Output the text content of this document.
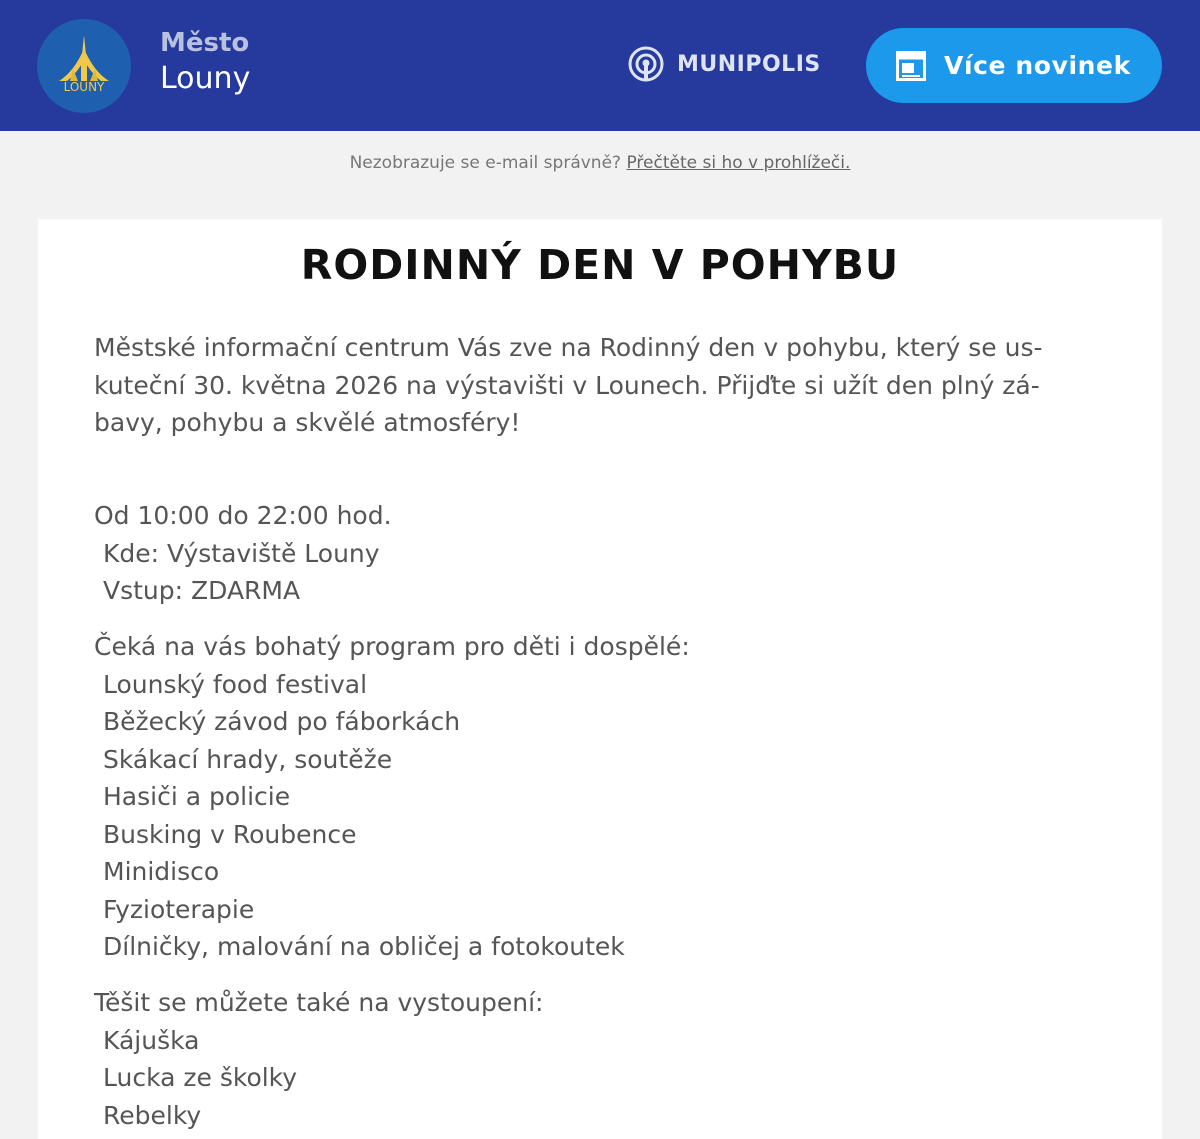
LOUNY
Město
Louny	MUNIPOLIS	Více novinek
Nezobrazuje se e-mail správně? Přečtěte si ho v prohlížeči.
RODINNÝ DEN V POHYBU
Městské informační centrum Vás zve na Rodinný den v pohybu, který se us-
kuteční 30. května 2026 na výstavišti v Lounech. Přijďte si užít den plný zá-
bavy, pohybu a skvělé atmosféry!
Od 10:00 do 22:00 hod.
Kde: Výstaviště Louny
Vstup: ZDARMA
Čeká na vás bohatý program pro děti i dospělé:
Lounský food festival
Běžecký závod po fáborkách
Skákací hrady, soutěže
Hasiči a policie
Busking v Roubence
Minidisco
Fyzioterapie
Dílničky, malování na obličej a fotokoutek
Těšit se můžete také na vystoupení:
Kájuška
Lucka ze školky
Rebelky
